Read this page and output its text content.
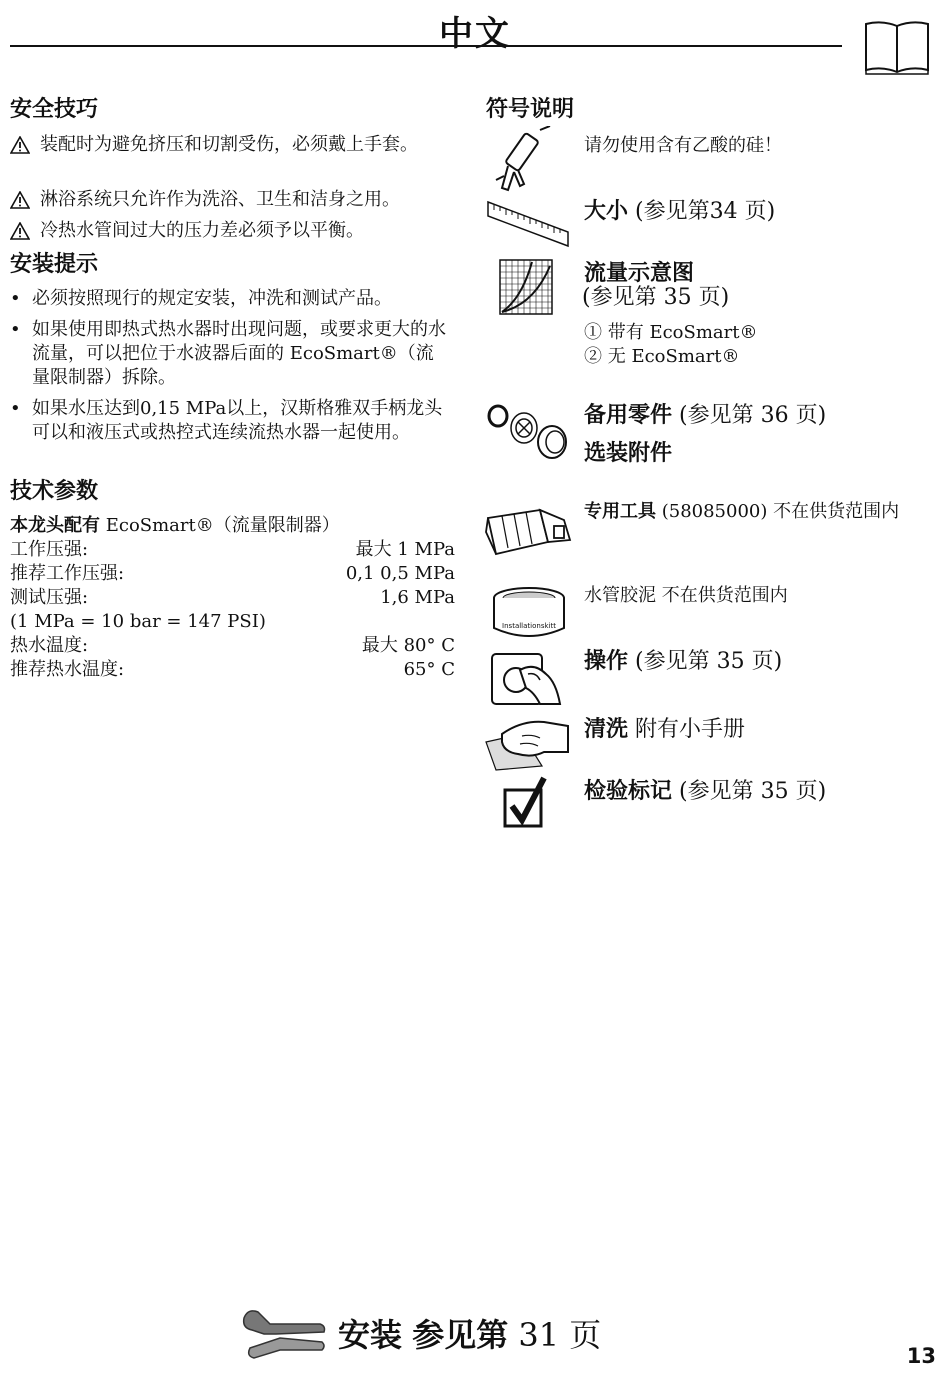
中文
安全技巧
装配时为避免挤压和切割受伤，必须戴上手套。
淋浴系统只允许作为洗浴、卫生和洁身之用。
冷热水管间过大的压力差必须予以平衡。
安装提示
• 必须按照现行的规定安装，冲洗和测试产品。
• 如果使用即热式热水器时出现问题，或要求更大的水流量，可以把位于水波器后面的 EcoSmart®（流量限制器）拆除。
• 如果水压达到0,15 MPa以上，汉斯格雅双手柄龙头可以和液压式或热控式连续流热水器一起使用。
技术参数
本龙头配有 EcoSmart®（流量限制器）
工作压强:	最大 1 MPa
推荐工作压强:	0,1 0,5 MPa
测试压强:	1,6 MPa
(1 MPa = 10 bar = 147 PSI)
热水温度:	最大 80° C
推荐热水温度:	65° C
符号说明
请勿使用含有乙酸的硅！
大小 (参见第34 页)
流量示意图
(参见第 35 页)
① 带有 EcoSmart®
② 无 EcoSmart®
备用零件 (参见第 36 页)
选装附件
专用工具 (58085000) 不在供货范围内
Installationskitt
水管胶泥 不在供货范围内
操作 (参见第 35 页)
清洗 附有小手册
检验标记 (参见第 35 页)
安装 参见第 31 页
13
